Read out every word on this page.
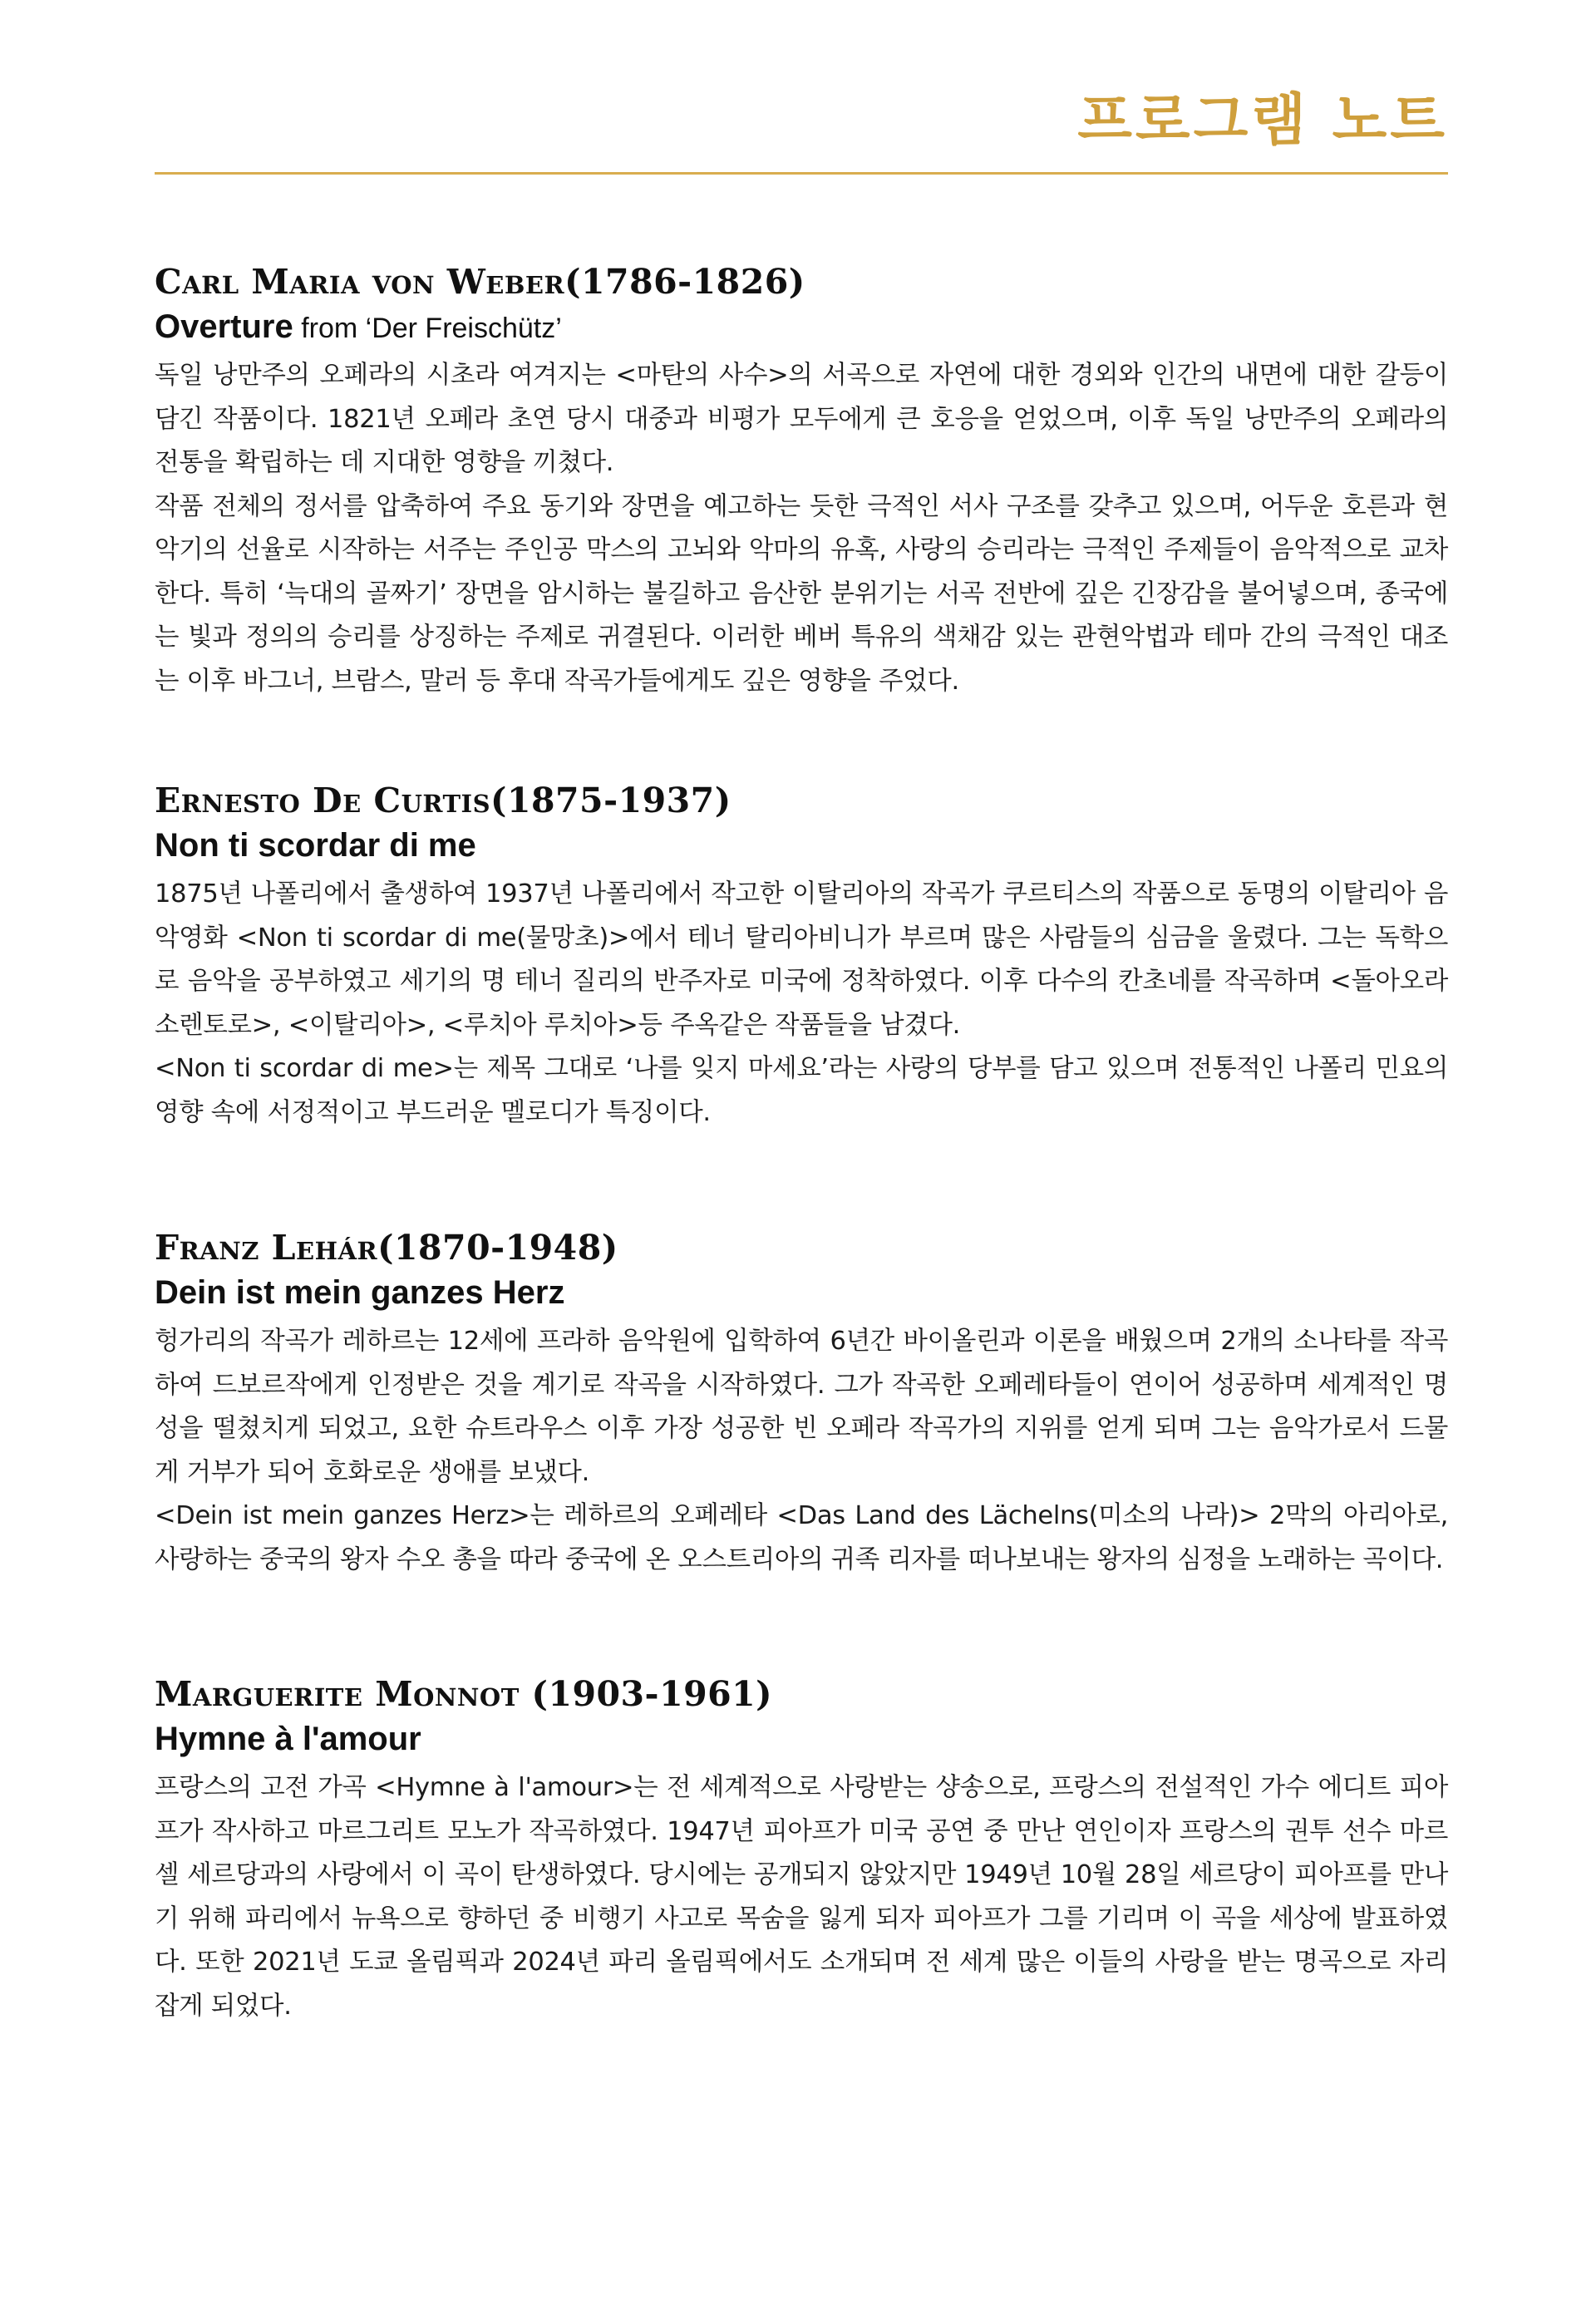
프로그램 노트
Carl Maria von Weber(1786-1826)
Overture from ‘Der Freischütz’

독일 낭만주의 오페라의 시초라 여겨지는 <마탄의 사수>의 서곡으로 자연에 대한 경외와 인간의 내면에 대한 갈등이 담긴 작품이다. 1821년 오페라 초연 당시 대중과 비평가 모두에게 큰 호응을 얻었으며, 이후 독일 낭만주의 오페라의 전통을 확립하는 데 지대한 영향을 끼쳤다.

작품 전체의 정서를 압축하여 주요 동기와 장면을 예고하는 듯한 극적인 서사 구조를 갖추고 있으며, 어두운 호른과 현악기의 선율로 시작하는 서주는 주인공 막스의 고뇌와 악마의 유혹, 사랑의 승리라는 극적인 주제들이 음악적으로 교차한다. 특히 ‘늑대의 골짜기’ 장면을 암시하는 불길하고 음산한 분위기는 서곡 전반에 깊은 긴장감을 불어넣으며, 종국에는 빛과 정의의 승리를 상징하는 주제로 귀결된다. 이러한 베버 특유의 색채감 있는 관현악법과 테마 간의 극적인 대조는 이후 바그너, 브람스, 말러 등 후대 작곡가들에게도 깊은 영향을 주었다.

Ernesto De Curtis(1875-1937)
Non ti scordar di me

1875년 나폴리에서 출생하여 1937년 나폴리에서 작고한 이탈리아의 작곡가 쿠르티스의 작품으로 동명의 이탈리아 음악영화 <Non ti scordar di me(물망초)>에서 테너 탈리아비니가 부르며 많은 사람들의 심금을 울렸다. 그는 독학으로 음악을 공부하였고 세기의 명 테너 질리의 반주자로 미국에 정착하였다. 이후 다수의 칸초네를 작곡하며 <돌아오라 소렌토로>, <이탈리아>, <루치아 루치아>등 주옥같은 작품들을 남겼다.

<Non ti scordar di me>는 제목 그대로 ‘나를 잊지 마세요’라는 사랑의 당부를 담고 있으며 전통적인 나폴리 민요의 영향 속에 서정적이고 부드러운 멜로디가 특징이다.

Franz Lehár(1870-1948)
Dein ist mein ganzes Herz

헝가리의 작곡가 레하르는 12세에 프라하 음악원에 입학하여 6년간 바이올린과 이론을 배웠으며 2개의 소나타를 작곡하여 드보르작에게 인정받은 것을 계기로 작곡을 시작하였다. 그가 작곡한 오페레타들이 연이어 성공하며 세계적인 명성을 떨쳤치게 되었고, 요한 슈트라우스 이후 가장 성공한 빈 오페라 작곡가의 지위를 얻게 되며 그는 음악가로서 드물게 거부가 되어 호화로운 생애를 보냈다.

<Dein ist mein ganzes Herz>는 레하르의 오페레타 <Das Land des Lächelns(미소의 나라)> 2막의 아리아로, 사랑하는 중국의 왕자 수오 총을 따라 중국에 온 오스트리아의 귀족 리자를 떠나보내는 왕자의 심정을 노래하는 곡이다.

Marguerite Monnot (1903-1961)
Hymne à l'amour

프랑스의 고전 가곡 <Hymne à l'amour>는 전 세계적으로 사랑받는 샹송으로, 프랑스의 전설적인 가수 에디트 피아프가 작사하고 마르그리트 모노가 작곡하였다. 1947년 피아프가 미국 공연 중 만난 연인이자 프랑스의 권투 선수 마르셀 세르당과의 사랑에서 이 곡이 탄생하였다. 당시에는 공개되지 않았지만 1949년 10월 28일 세르당이 피아프를 만나기 위해 파리에서 뉴욕으로 향하던 중 비행기 사고로 목숨을 잃게 되자 피아프가 그를 기리며 이 곡을 세상에 발표하였다. 또한 2021년 도쿄 올림픽과 2024년 파리 올림픽에서도 소개되며 전 세계 많은 이들의 사랑을 받는 명곡으로 자리 잡게 되었다.
